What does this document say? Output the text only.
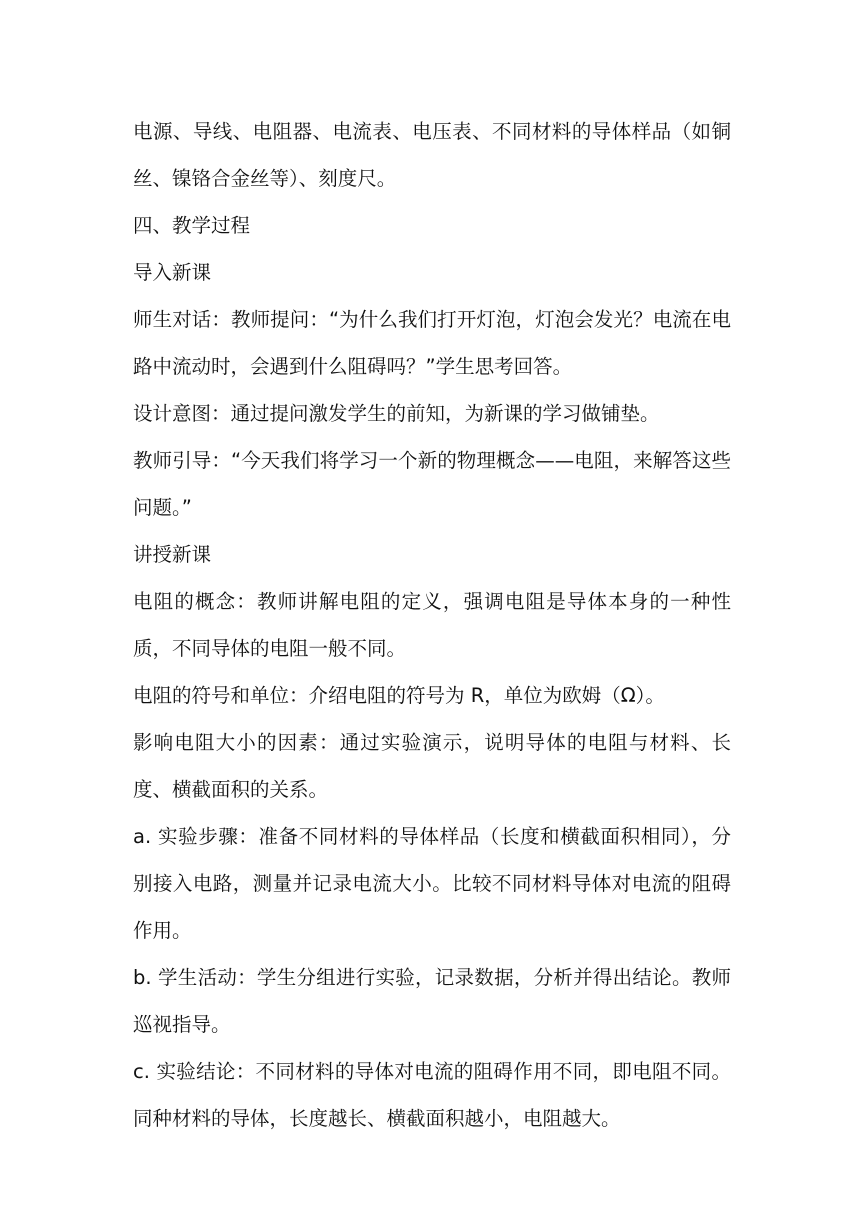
电源、导线、电阻器、电流表、电压表、不同材料的导体样品（如铜丝、镍铬合金丝等）、刻度尺。

四、教学过程

导入新课

师生对话：教师提问：“为什么我们打开灯泡，灯泡会发光？电流在电路中流动时，会遇到什么阻碍吗？”学生思考回答。

设计意图：通过提问激发学生的前知，为新课的学习做铺垫。

教师引导：“今天我们将学习一个新的物理概念——电阻，来解答这些问题。”

讲授新课

电阻的概念：教师讲解电阻的定义，强调电阻是导体本身的一种性质，不同导体的电阻一般不同。

电阻的符号和单位：介绍电阻的符号为 R，单位为欧姆（Ω）。

影响电阻大小的因素：通过实验演示，说明导体的电阻与材料、长度、横截面积的关系。

a. 实验步骤：准备不同材料的导体样品（长度和横截面积相同），分别接入电路，测量并记录电流大小。比较不同材料导体对电流的阻碍作用。

b. 学生活动：学生分组进行实验，记录数据，分析并得出结论。教师巡视指导。

c. 实验结论：不同材料的导体对电流的阻碍作用不同，即电阻不同。同种材料的导体，长度越长、横截面积越小，电阻越大。
